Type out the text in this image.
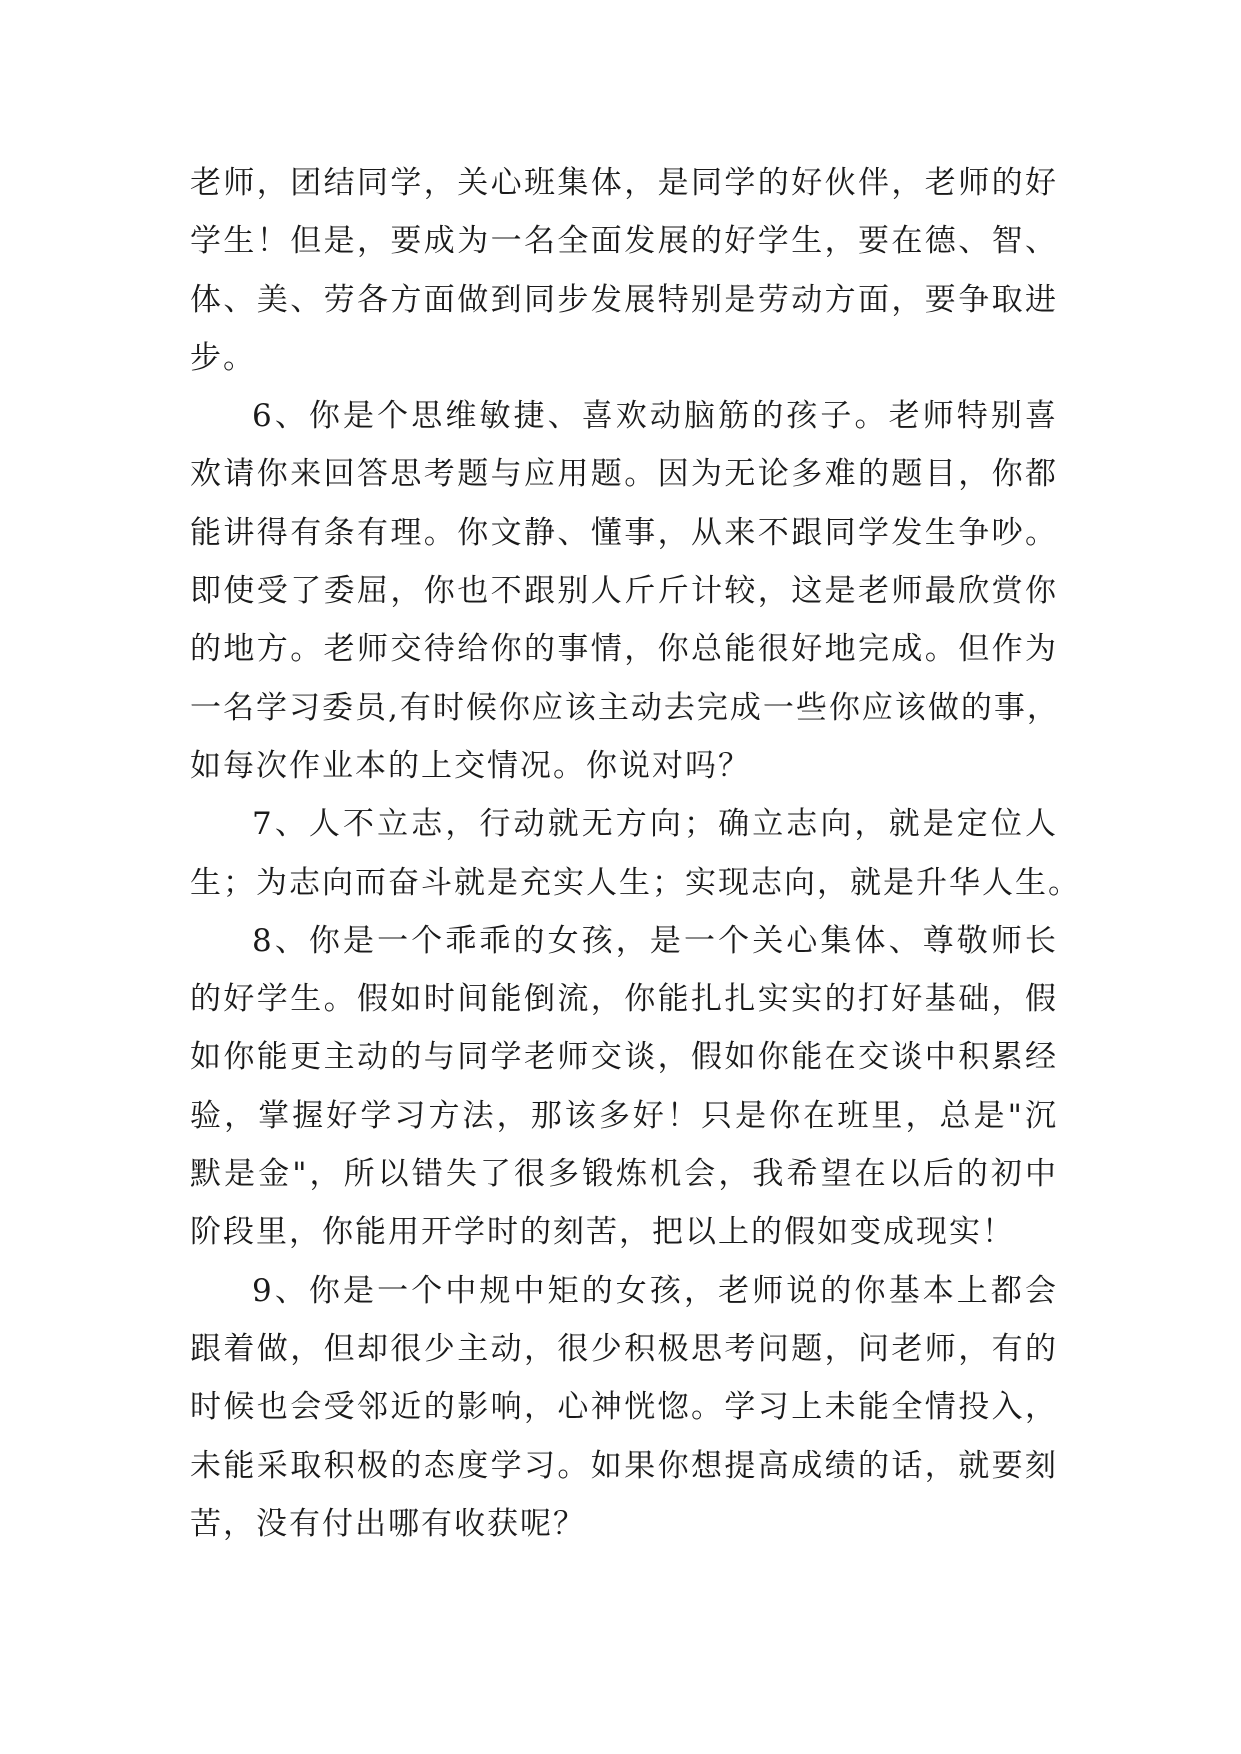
老师，团结同学，关心班集体，是同学的好伙伴，老师的好
学生！但是，要成为一名全面发展的好学生，要在德、智、
体、美、劳各方面做到同步发展特别是劳动方面，要争取进
步。
6、你是个思维敏捷、喜欢动脑筋的孩子。老师特别喜
欢请你来回答思考题与应用题。因为无论多难的题目，你都
能讲得有条有理。你文静、懂事，从来不跟同学发生争吵。
即使受了委屈，你也不跟别人斤斤计较，这是老师最欣赏你
的地方。老师交待给你的事情，你总能很好地完成。但作为
一名学习委员,有时候你应该主动去完成一些你应该做的事，
如每次作业本的上交情况。你说对吗？
7、人不立志，行动就无方向；确立志向，就是定位人
生；为志向而奋斗就是充实人生；实现志向，就是升华人生。
8、你是一个乖乖的女孩，是一个关心集体、尊敬师长
的好学生。假如时间能倒流，你能扎扎实实的打好基础，假
如你能更主动的与同学老师交谈，假如你能在交谈中积累经
验，掌握好学习方法，那该多好！只是你在班里，总是"沉
默是金"，所以错失了很多锻炼机会，我希望在以后的初中
阶段里，你能用开学时的刻苦，把以上的假如变成现实！
9、你是一个中规中矩的女孩，老师说的你基本上都会
跟着做，但却很少主动，很少积极思考问题，问老师，有的
时候也会受邻近的影响，心神恍惚。学习上未能全情投入，
未能采取积极的态度学习。如果你想提高成绩的话，就要刻
苦，没有付出哪有收获呢？
